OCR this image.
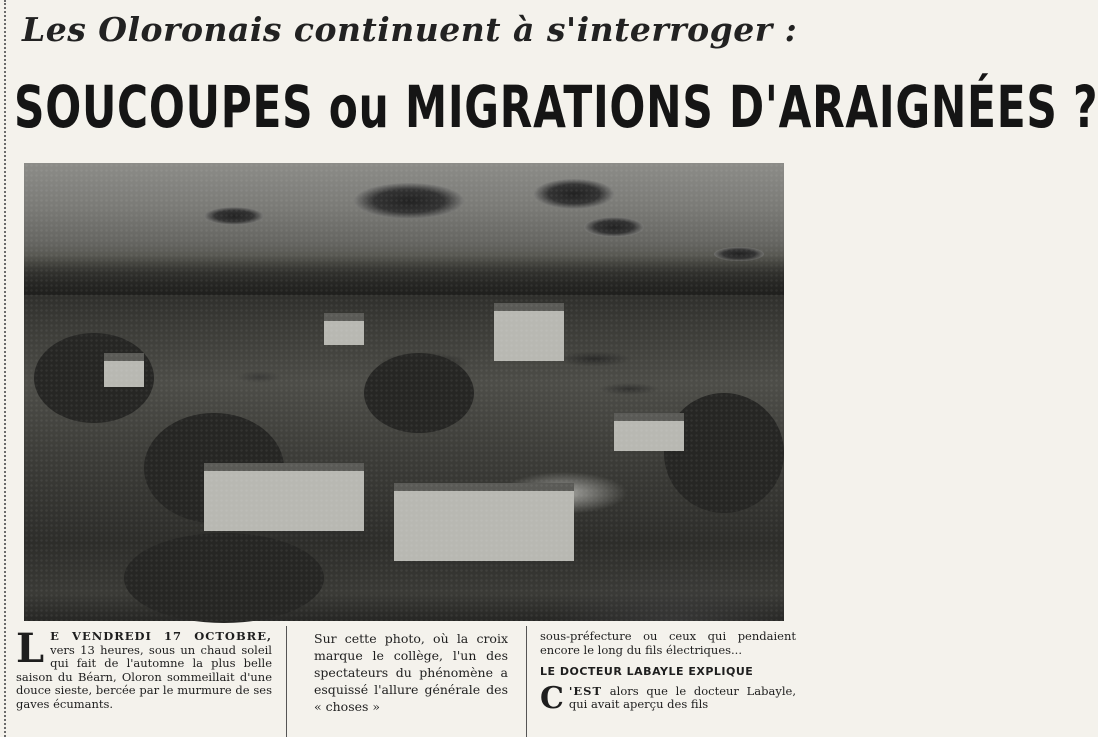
Les Oloronais continuent à s'interroger :
SOUCOUPES ou MIGRATIONS D'ARAIGNÉES ?
L E VENDREDI 17 OCTOBRE, vers 13 heures, sous un chaud soleil qui fait de l'automne la plus belle saison du Béarn, Oloron sommeillait d'une douce sieste, bercée par le murmure de ses gaves écumants.

Sur cette photo, où la croix marque le collège, l'un des spectateurs du phénomène a esquissé l'allure générale des « choses »

sous-préfecture ou ceux qui pendaient encore le long du fils électriques...
LE DOCTEUR LABAYLE EXPLIQUE
C 'EST alors que le docteur Labayle, qui avait aperçu des fils
